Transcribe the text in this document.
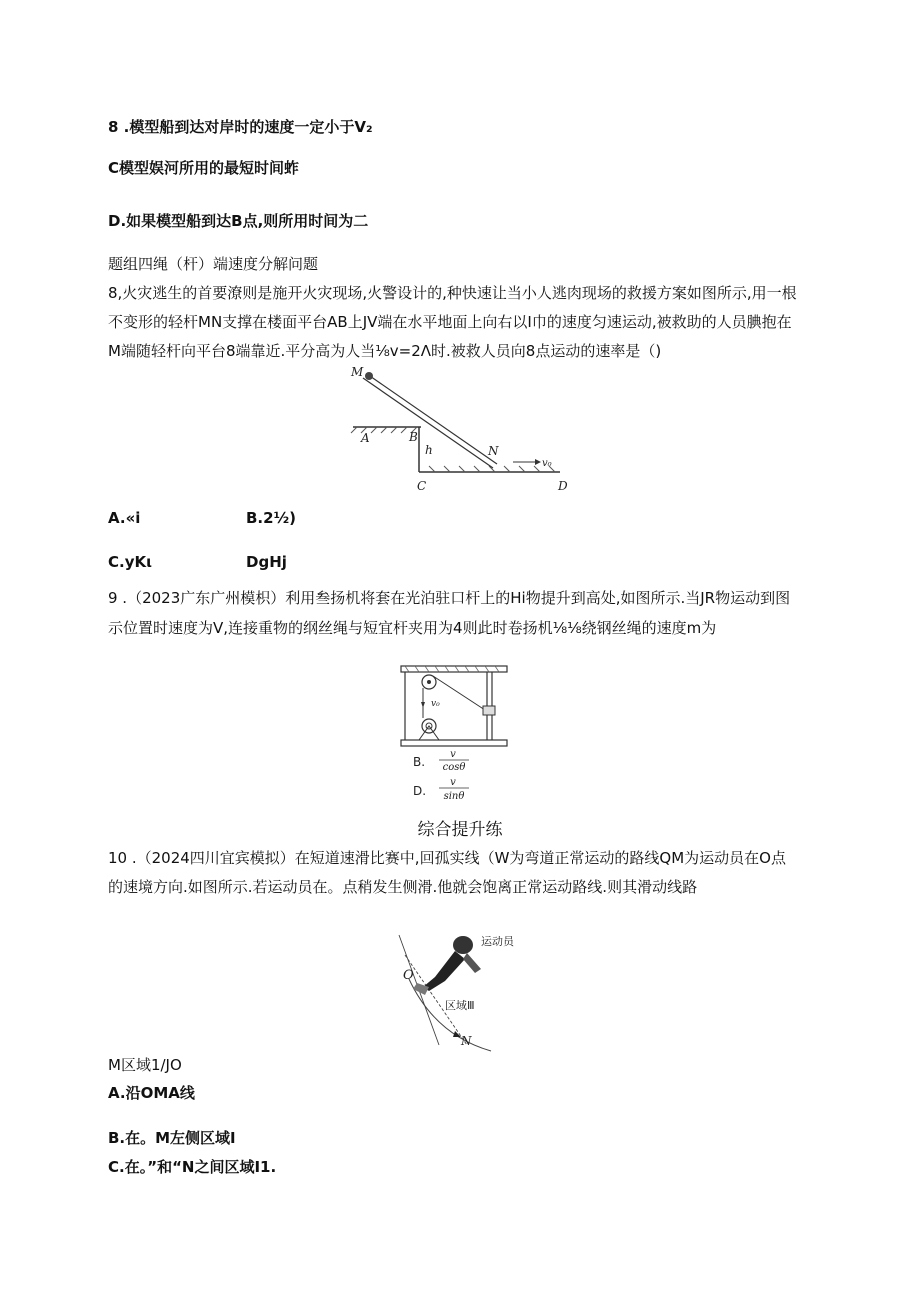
8 .模型船到达对岸时的速度一定小于V₂
C模型娱河所用的最短时间蚱
D.如果模型船到达B点,则所用时间为二
题组四绳（杆）端速度分解问题
8,火灾逃生的首要潦则是施开火灾现场,火警设计的,种快速让当小人逃肉现场的救援方案如图所示,用一根
不变形的轻杆MN支撑在楼面平台AB上JV端在水平地面上向右以I巾的速度匀速运动,被救助的人员腆抱在
M端随轻杆向平台8端靠近.平分高为人当⅛v=2Λ时.被救人员向8点运动的速率是（)
M
A	B
h	N
C	D
v₀
A.«i	B.2½)
C.yKι	DgHj
9 .（2023广东广州模枳）利用叁扬机将套在光泊驻口杆上的Hi物提升到高处,如图所示.当JR物运动到图
示位置时速度为V,连接重物的纲丝绳与短宜杆夹用为4则此时卷扬机⅛⅛绕钢丝绳的速度m为
v₀
B.
v
cosθ
D.
v
sinθ
综合提升练
10 .（2024四川宜宾模拟）在短道速滑比赛中,回孤实线（W为弯道正常运动的路线QM为运动员在O点
的速境方向.如图所示.若运动员在。点稍发生侧滑.他就会饱离正常运动路线.则其滑动线路
运动员
O
区域Ⅲ
N
M区域1/JO
A.沿OMA线
B.在。M左侧区域I
C.在。”和“N之间区域I1.
